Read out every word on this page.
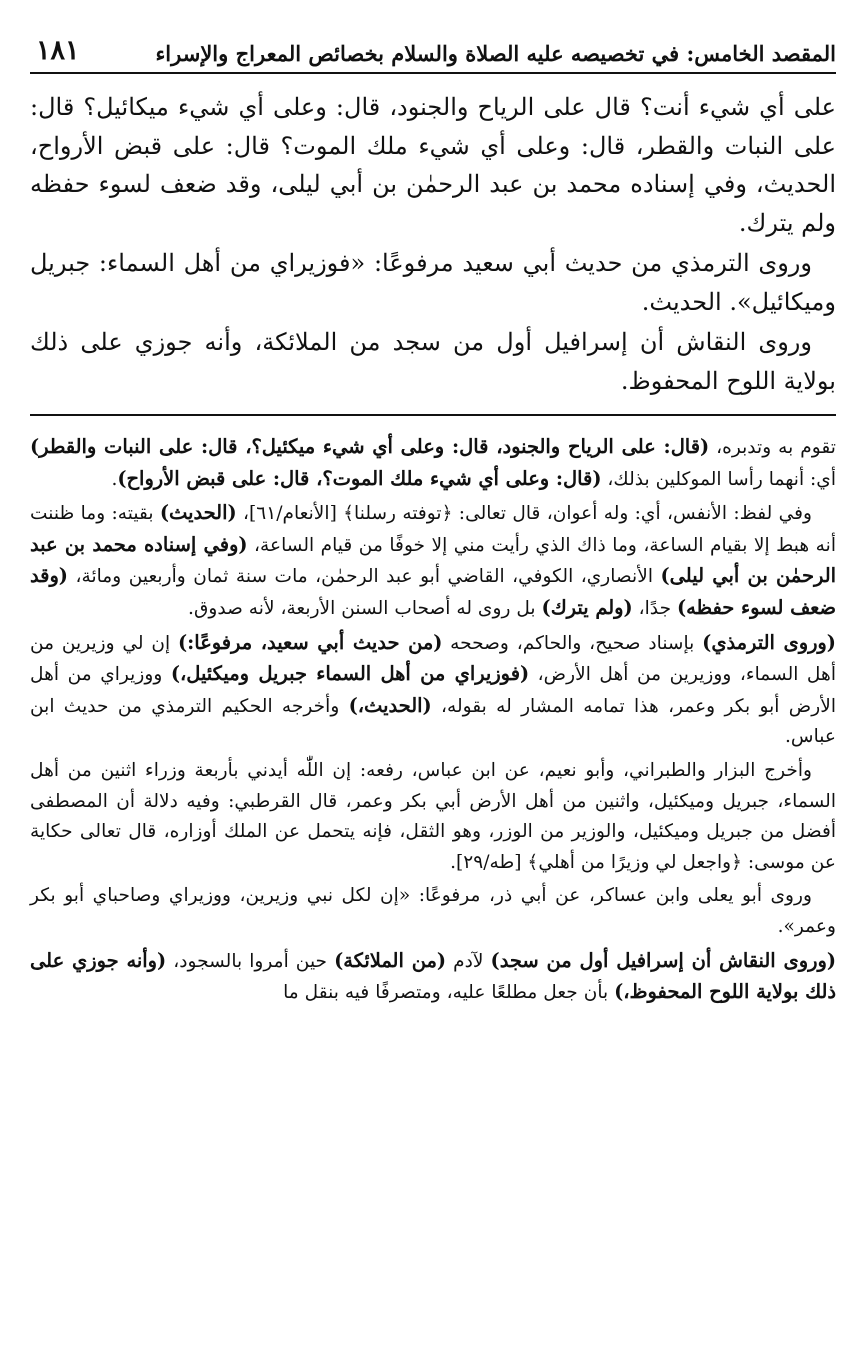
المقصد الخامس: في تخصيصه عليه الصلاة والسلام بخصائص المعراج والإسراء
١٨١

على أي شيء أنت؟ قال على الرياح والجنود، قال: وعلى أي شيء ميكائيل؟ قال: على النبات والقطر، قال: وعلى أي شيء ملك الموت؟ قال: على قبض الأرواح، الحديث، وفي إسناده محمد بن عبد الرحمٰن بن أبي ليلى، وقد ضعف لسوء حفظه ولم يترك.

وروى الترمذي من حديث أبي سعيد مرفوعًا: «فوزيراي من أهل السماء: جبريل وميكائيل». الحديث.

وروى النقاش أن إسرافيل أول من سجد من الملائكة، وأنه جوزي على ذلك بولاية اللوح المحفوظ.

تقوم به وتدبره، (قال: على الرياح والجنود، قال: وعلى أي شيء ميكئيل؟، قال: على النبات والقطر) أي: أنهما رأسا الموكلين بذلك، (قال: وعلى أي شيء ملك الموت؟، قال: على قبض الأرواح).

وفي لفظ: الأنفس، أي: وله أعوان، قال تعالى: ﴿توفته رسلنا﴾ [الأنعام/٦١]، (الحديث) بقيته: وما ظننت أنه هبط إلا بقيام الساعة، وما ذاك الذي رأيت مني إلا خوفًا من قيام الساعة، (وفي إسناده محمد بن عبد الرحمٰن بن أبي ليلى) الأنصاري، الكوفي، القاضي أبو عبد الرحمٰن، مات سنة ثمان وأربعين ومائة، (وقد ضعف لسوء حفظه) جدًا، (ولم يترك) بل روى له أصحاب السنن الأربعة، لأنه صدوق.

(وروى الترمذي) بإسناد صحيح، والحاكم، وصححه (من حديث أبي سعيد، مرفوعًا:) إن لي وزيرين من أهل السماء، ووزيرين من أهل الأرض، (فوزيراي من أهل السماء جبريل وميكئيل،) ووزيراي من أهل الأرض أبو بكر وعمر، هذا تمامه المشار له بقوله، (الحديث،) وأخرجه الحكيم الترمذي من حديث ابن عباس.

وأخرج البزار والطبراني، وأبو نعيم، عن ابن عباس، رفعه: إن اللّٰه أيدني بأربعة وزراء اثنين من أهل السماء، جبريل وميكئيل، واثنين من أهل الأرض أبي بكر وعمر، قال القرطبي: وفيه دلالة أن المصطفى أفضل من جبريل وميكئيل، والوزير من الوزر، وهو الثقل، فإنه يتحمل عن الملك أوزاره، قال تعالى حكاية عن موسى: ﴿واجعل لي وزيرًا من أهلي﴾ [طه/٢٩].

وروى أبو يعلى وابن عساكر، عن أبي ذر، مرفوعًا: «إن لكل نبي وزيرين، ووزيراي وصاحباي أبو بكر وعمر».

(وروى النقاش أن إسرافيل أول من سجد) لآدم (من الملائكة) حين أمروا بالسجود، (وأنه جوزي على ذلك بولاية اللوح المحفوظ،) بأن جعل مطلعًا عليه، ومتصرفًا فيه بنقل ما
